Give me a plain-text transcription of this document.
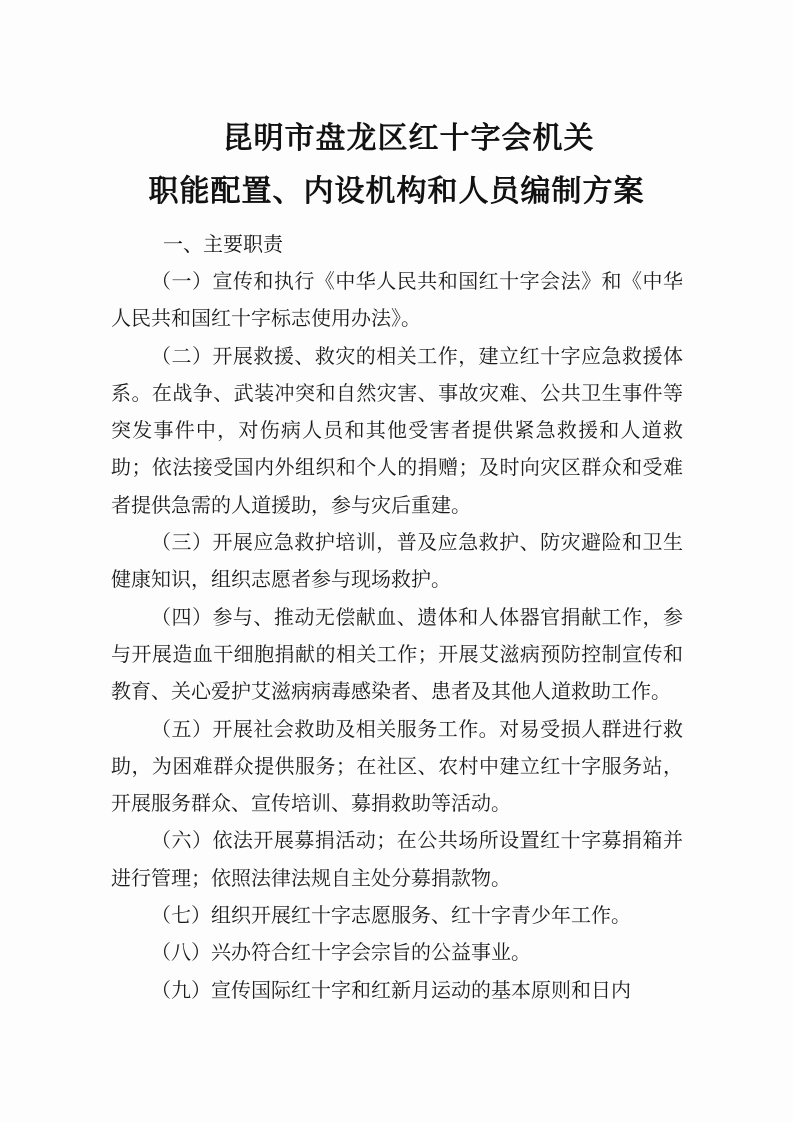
昆明市盘龙区红十字会机关
职能配置、内设机构和人员编制方案
一、主要职责

（一）宣传和执行《中华人民共和国红十字会法》和《中华人民共和国红十字标志使用办法》。

（二）开展救援、救灾的相关工作，建立红十字应急救援体系。在战争、武装冲突和自然灾害、事故灾难、公共卫生事件等突发事件中，对伤病人员和其他受害者提供紧急救援和人道救助；依法接受国内外组织和个人的捐赠；及时向灾区群众和受难者提供急需的人道援助，参与灾后重建。

（三）开展应急救护培训，普及应急救护、防灾避险和卫生健康知识，组织志愿者参与现场救护。

（四）参与、推动无偿献血、遗体和人体器官捐献工作，参与开展造血干细胞捐献的相关工作；开展艾滋病预防控制宣传和教育、关心爱护艾滋病病毒感染者、患者及其他人道救助工作。

（五）开展社会救助及相关服务工作。对易受损人群进行救助，为困难群众提供服务；在社区、农村中建立红十字服务站，开展服务群众、宣传培训、募捐救助等活动。

（六）依法开展募捐活动；在公共场所设置红十字募捐箱并进行管理；依照法律法规自主处分募捐款物。

（七）组织开展红十字志愿服务、红十字青少年工作。

（八）兴办符合红十字会宗旨的公益事业。

（九）宣传国际红十字和红新月运动的基本原则和日内
